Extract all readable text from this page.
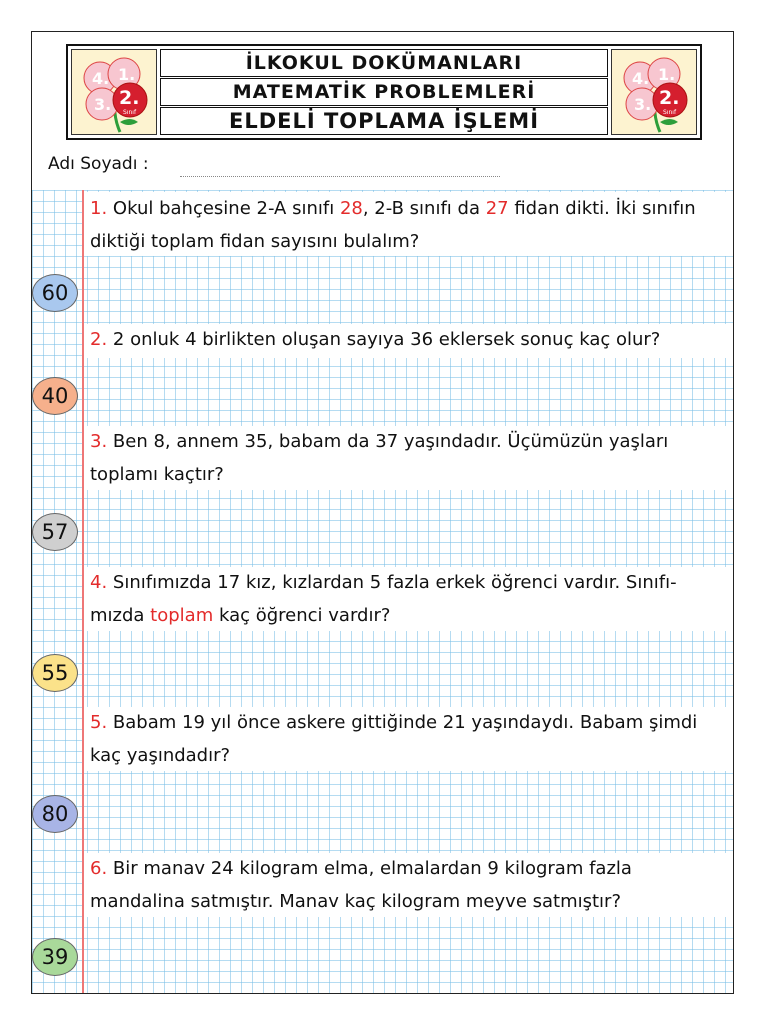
4. 1.
3. 2.
Sınıf
İLKOKUL DOKÜMANLARI
MATEMATİK PROBLEMLERİ
ELDELİ TOPLAMA İŞLEMİ
4. 1.
3. 2.
Sınıf
Adı Soyadı :
1. Okul bahçesine 2-A sınıfı 28, 2-B sınıfı da 27 fidan dikti. İki sınıfın diktiği toplam fidan sayısını bulalım?
60
2. 2 onluk 4 birlikten oluşan sayıya 36 eklersek sonuç kaç olur?
40
3. Ben 8, annem 35, babam da 37 yaşındadır. Üçümüzün yaşları toplamı kaçtır?
57
4. Sınıfımızda 17 kız, kızlardan 5 fazla erkek öğrenci vardır. Sınıfı-mızda toplam kaç öğrenci vardır?
55
5. Babam 19 yıl önce askere gittiğinde 21 yaşındaydı. Babam şimdi kaç yaşındadır?
80
6. Bir manav 24 kilogram elma, elmalardan 9 kilogram fazla mandalina satmıştır. Manav kaç kilogram meyve satmıştır?
39
